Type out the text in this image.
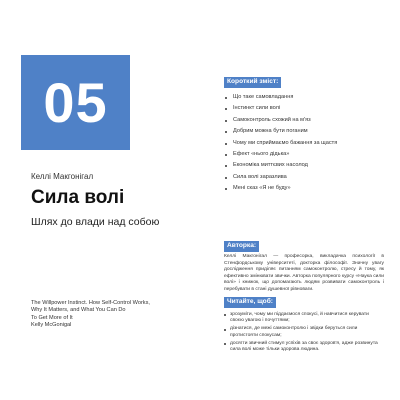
05
Келлі Макгонігал
Сила волі
Шлях до влади над собою
The Willpower Instinct. How Self-Control Works,
Why It Matters, and What You Can Do
To Get More of It
Kelly McGonigal
Короткий зміст:
Що таке самовладання
Інстинкт сили волі
Самоконтроль схожий на м'яз
Добрим можна бути поганим
Чому ми сприймаємо бажання за щастя
Ефект «нього дідька»
Економіка миттєвих насолод
Сила волі заразлива
Мені сказ «Я не буду»
Авторка:

Келлі Макгонігал — професорка, викладачка психології в Стенфордському університеті, докторка філософії. Значну увагу дослідження приділяє питанням самоконтролю, стресу й тому, як ефективно змінювати звички. Авторка популярного курсу «Наука сили волі» і книжок, що допомагають людям розвивати самоконтроль і перебувати в стані душевної рівноваги.

Читайте, щоб:
зрозуміти, чому ми піддаємося спокусі, й навчитися керувати своєю увагою і почуттями;
дізнатися, де межі самоконтролю і звідки беруться сили протистояти спокусам;
досягти звичний стимул успіхів за своє здоров'я, адже розвинута сила волі може тільки здорова людина.
